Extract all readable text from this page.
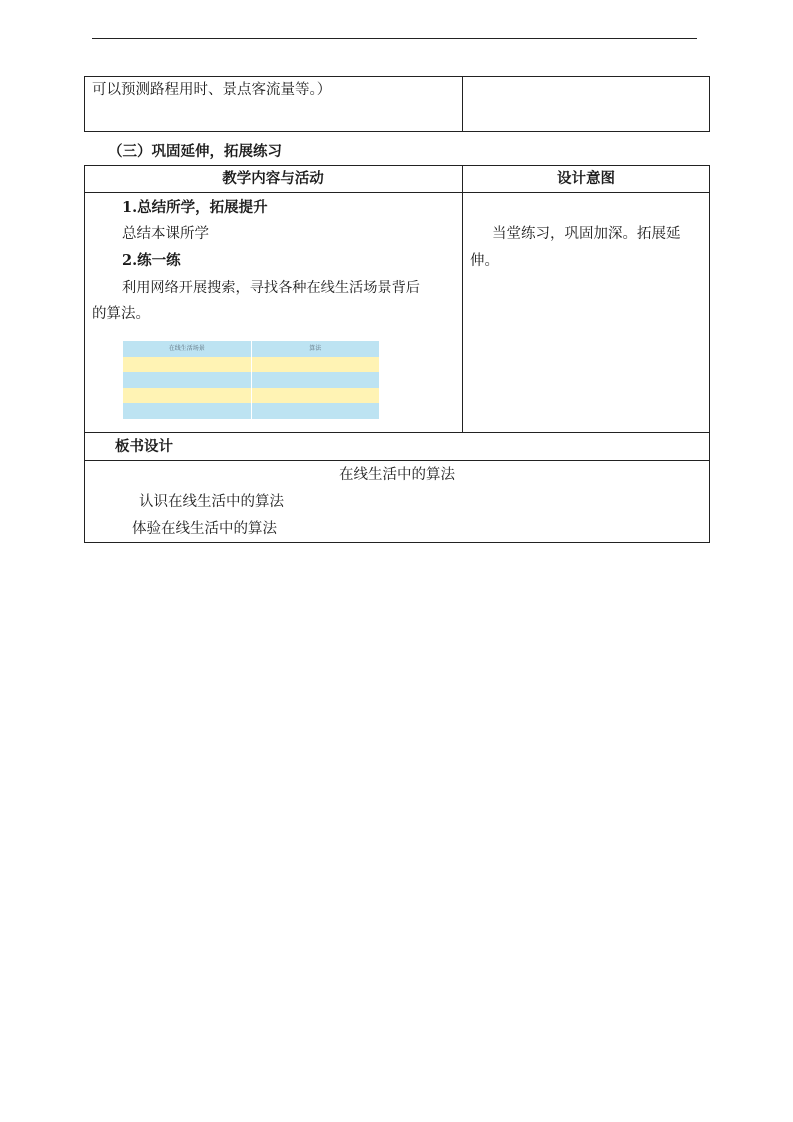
可以预测路程用时、景点客流量等。）
（三）巩固延伸，拓展练习
教学内容与活动	设计意图
1.总结所学，拓展提升
总结本课所学
2.练一练
利用网络开展搜索，寻找各种在线生活场景背后
的算法。
在线生活场景	算法

当堂练习，巩固加深。拓展延
伸。
板书设计
在线生活中的算法
认识在线生活中的算法
体验在线生活中的算法
